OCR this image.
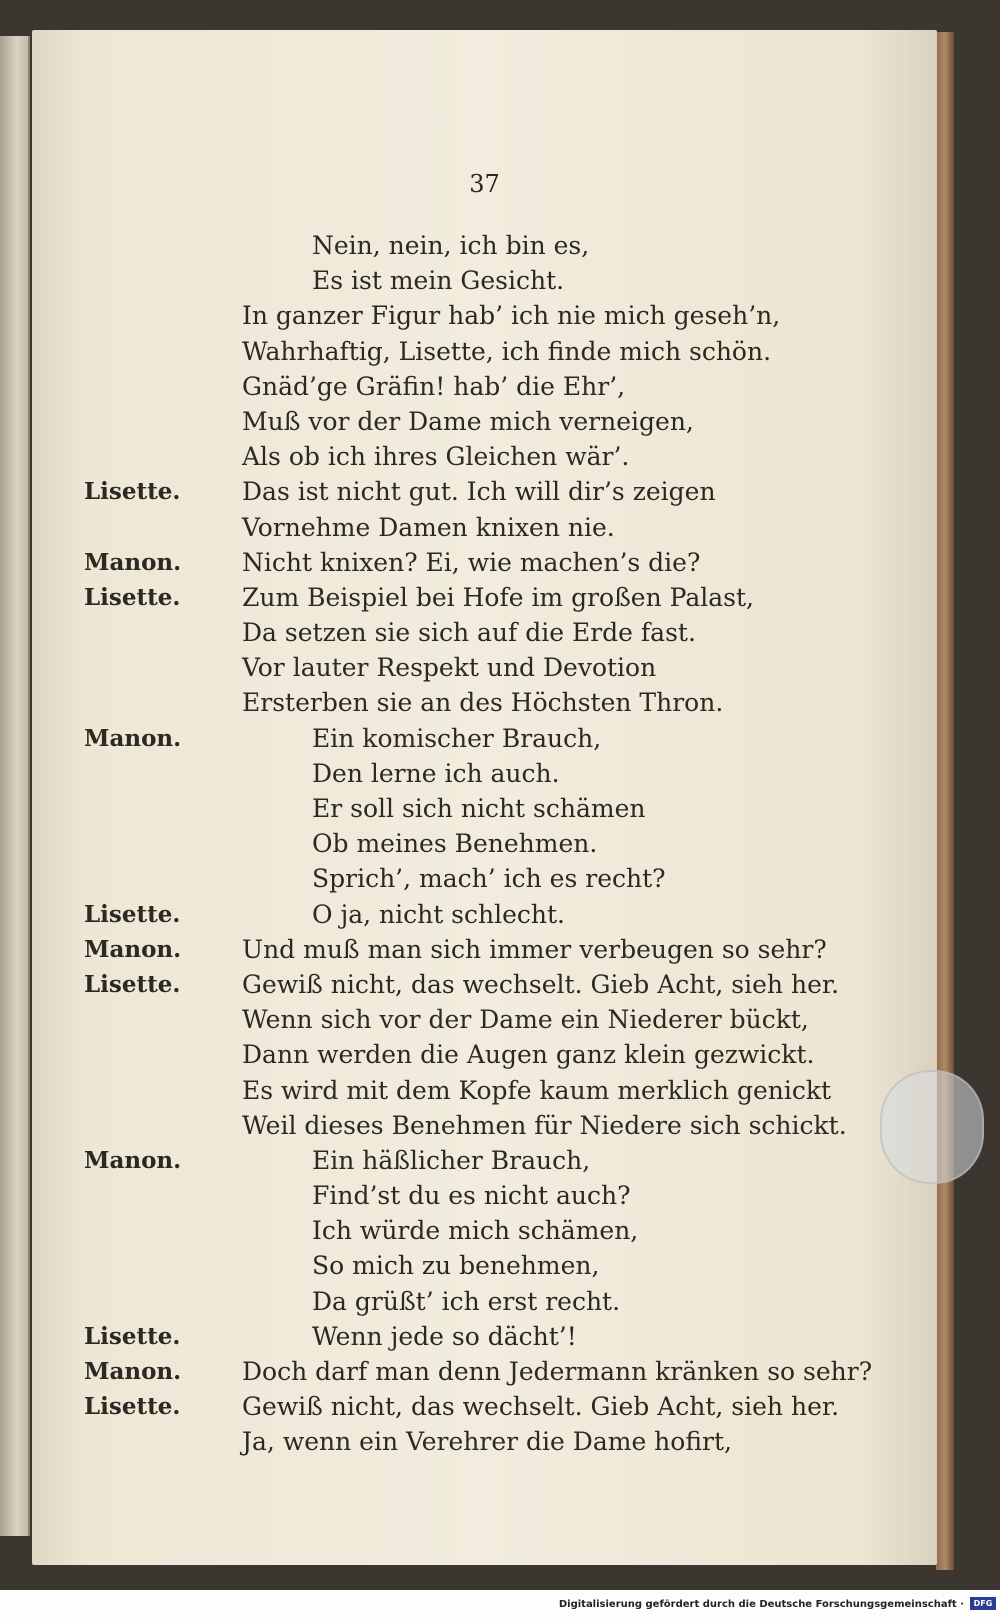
37
Nein, nein, ich bin es,
Es ist mein Gesicht.
In ganzer Figur hab’ ich nie mich geseh’n,
Wahrhaftig, Lisette, ich finde mich schön.
Gnäd’ge Gräfin! hab’ die Ehr’,
Muß vor der Dame mich verneigen,
Als ob ich ihres Gleichen wär’.
Lisette. Das ist nicht gut. Ich will dir’s zeigen
Vornehme Damen knixen nie.
Manon. Nicht knixen? Ei, wie machen’s die?
Lisette. Zum Beispiel bei Hofe im großen Palast,
Da setzen sie sich auf die Erde fast.
Vor lauter Respekt und Devotion
Ersterben sie an des Höchsten Thron.
Manon.	Ein komischer Brauch,
Den lerne ich auch.
Er soll sich nicht schämen
Ob meines Benehmen.
Sprich’, mach’ ich es recht?
Lisette.	O ja, nicht schlecht.
Manon. Und muß man sich immer verbeugen so sehr?
Lisette. Gewiß nicht, das wechselt. Gieb Acht, sieh her.
Wenn sich vor der Dame ein Niederer bückt,
Dann werden die Augen ganz klein gezwickt.
Es wird mit dem Kopfe kaum merklich genickt
Weil dieses Benehmen für Niedere sich schickt.
Manon.	Ein häßlicher Brauch,
Find’st du es nicht auch?
Ich würde mich schämen,
So mich zu benehmen,
Da grüßt’ ich erst recht.
Lisette.	Wenn jede so dächt’!
Manon. Doch darf man denn Jedermann kränken so sehr?
Lisette. Gewiß nicht, das wechselt. Gieb Acht, sieh her.
Ja, wenn ein Verehrer die Dame hofirt,
Digitalisierung gefördert durch die Deutsche Forschungsgemeinschaft ·	DFG
